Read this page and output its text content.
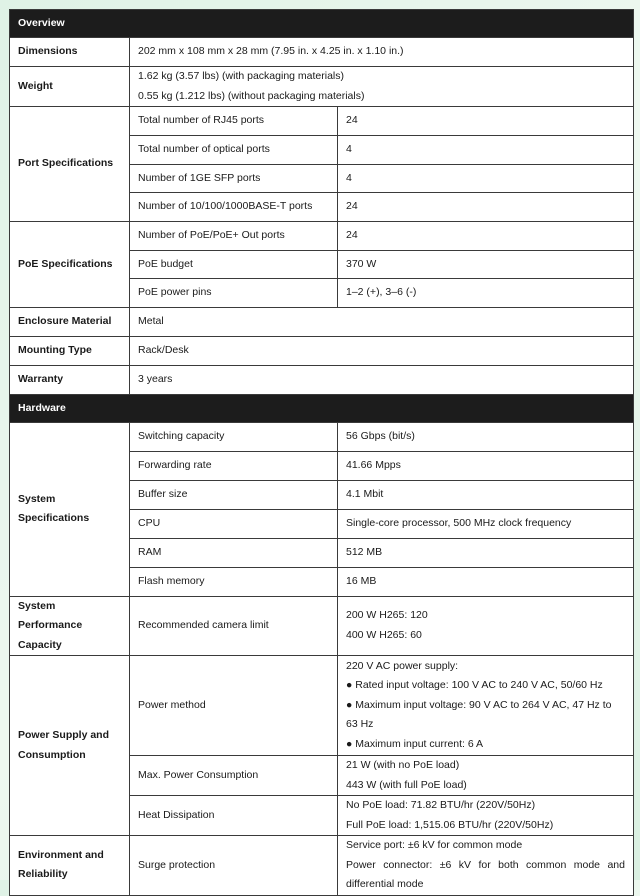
Overview		
Dimensions	202 mm x 108 mm x 28 mm (7.95 in. x 4.25 in. x 1.10 in.)	
Weight	1.62 kg (3.57 lbs) (with packaging materials)
0.55 kg (1.212 lbs) (without packaging materials)	

Port Specifications	Total number of RJ45 ports	24
	Total number of optical ports	4
	Number of 1GE SFP ports	4
	Number of 10/100/1000BASE-T ports	24
PoE Specifications	Number of PoE/PoE+ Out ports	24
	PoE budget	370 W
	PoE power pins	1–2 (+), 3–6 (-)
Enclosure Material	Metal	
Mounting Type	Rack/Desk	
Warranty	3 years	
Hardware		

System
Specifications	Switching capacity	56 Gbps (bit/s)
	Forwarding rate	41.66 Mpps
	Buffer size	4.1 Mbit
	CPU	Single-core processor, 500 MHz clock frequency
	RAM	512 MB
	Flash memory	16 MB

System Performance
Capacity	Recommended camera limit	200 W H265: 120
400 W H265: 60

Power Supply and
Consumption	Power method	220 V AC power supply:
● Rated input voltage: 100 V AC to 240 V AC, 50/60 Hz
● Maximum input voltage: 90 V AC to 264 V AC, 47 Hz to 63 Hz
● Maximum input current: 6 A

	Max. Power Consumption	21 W (with no PoE load)
443 W (with full PoE load)

	Heat Dissipation	No PoE load: 71.82 BTU/hr (220V/50Hz)
Full PoE load: 1,515.06 BTU/hr (220V/50Hz)

Environment and
Reliability	Surge protection	Service port: ±6 kV for common mode
Power connector: ±6 kV for both common mode and differential mode
